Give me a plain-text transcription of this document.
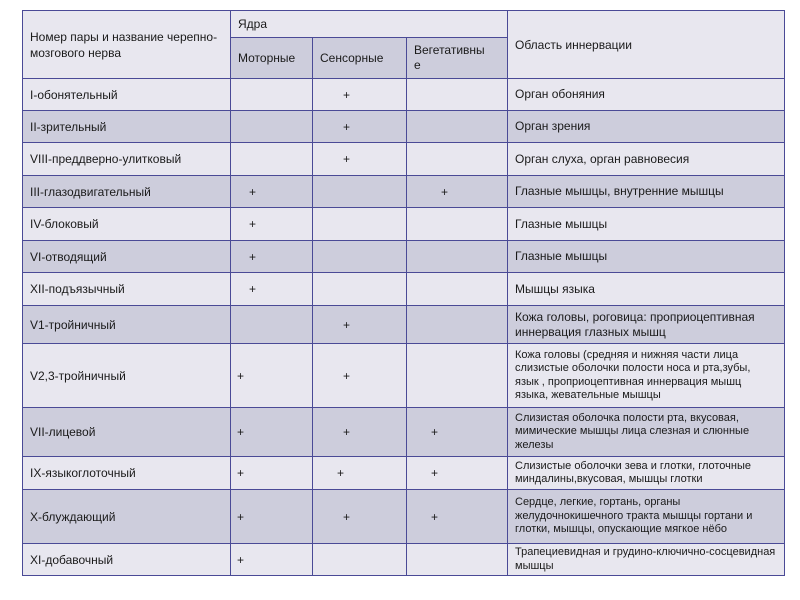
Номер пары и название черепно-мозгового нерва	Ядра			Область иннервации
	Моторные	Сенсорные	Вегетативны
е	
I-обонятельный		+		Орган обоняния
II-зрительный		+		Орган зрения
VIII-преддверно-улитковый		+		Орган слуха, орган равновесия
III-глазодвигательный	+		+	Глазные мышцы, внутренние мышцы
IV-блоковый	+			Глазные мышцы
VI-отводящий	+			Глазные мышцы
XII-подъязычный	+			Мышцы языка
V1-тройничный		+		Кожа головы, роговица: проприоцептивная иннервация глазных мышц
V2,3-тройничный	+	+		Кожа головы (средняя и нижняя части лица слизистые оболочки полости носа и рта,зубы, язык , проприоцептивная иннервация мышц языка, жевательные мышцы
VII-лицевой	+	+	+	Слизистая оболочка полости рта, вкусовая, мимические мышцы лица слезная и слюнные железы
IX-языкоглоточный	+	+	+	Слизистые оболочки зева и глотки, глоточные миндалины,вкусовая, мышцы глотки
X-блуждающий	+	+	+	Сердце, легкие, гортань, органы желудочнокишечного тракта мышцы гортани и глотки, мышцы, опускающие мягкое нёбо
XI-добавочный	+			Трапециевидная и грудино-ключично-сосцевидная мышцы
